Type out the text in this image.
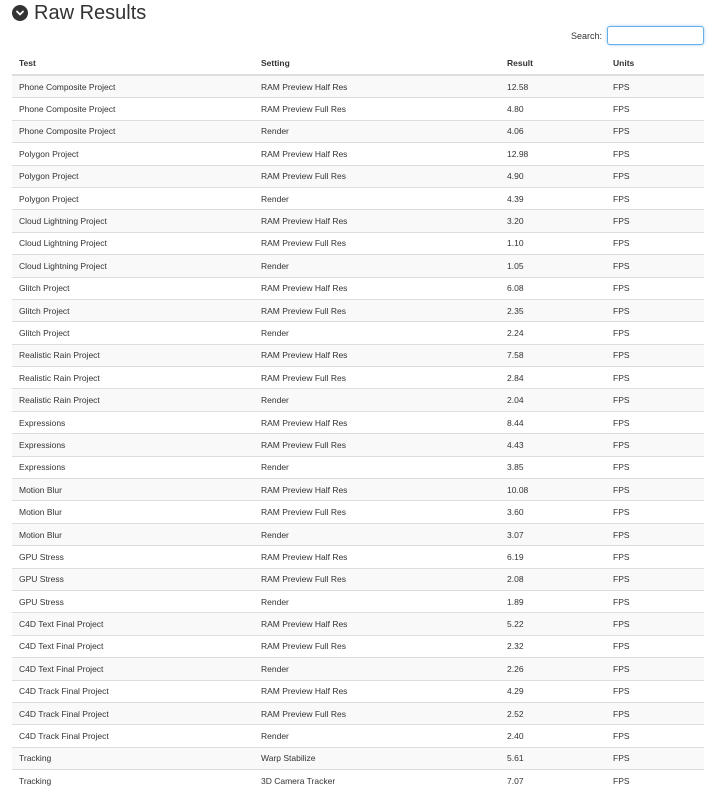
Raw Results
Search:
Test	Setting	Result	Units
Phone Composite Project	RAM Preview Half Res	12.58	FPS
Phone Composite Project	RAM Preview Full Res	4.80	FPS
Phone Composite Project	Render	4.06	FPS
Polygon Project	RAM Preview Half Res	12.98	FPS
Polygon Project	RAM Preview Full Res	4.90	FPS
Polygon Project	Render	4.39	FPS
Cloud Lightning Project	RAM Preview Half Res	3.20	FPS
Cloud Lightning Project	RAM Preview Full Res	1.10	FPS
Cloud Lightning Project	Render	1.05	FPS
Glitch Project	RAM Preview Half Res	6.08	FPS
Glitch Project	RAM Preview Full Res	2.35	FPS
Glitch Project	Render	2.24	FPS
Realistic Rain Project	RAM Preview Half Res	7.58	FPS
Realistic Rain Project	RAM Preview Full Res	2.84	FPS
Realistic Rain Project	Render	2.04	FPS
Expressions	RAM Preview Half Res	8.44	FPS
Expressions	RAM Preview Full Res	4.43	FPS
Expressions	Render	3.85	FPS
Motion Blur	RAM Preview Half Res	10.08	FPS
Motion Blur	RAM Preview Full Res	3.60	FPS
Motion Blur	Render	3.07	FPS
GPU Stress	RAM Preview Half Res	6.19	FPS
GPU Stress	RAM Preview Full Res	2.08	FPS
GPU Stress	Render	1.89	FPS
C4D Text Final Project	RAM Preview Half Res	5.22	FPS
C4D Text Final Project	RAM Preview Full Res	2.32	FPS
C4D Text Final Project	Render	2.26	FPS
C4D Track Final Project	RAM Preview Half Res	4.29	FPS
C4D Track Final Project	RAM Preview Full Res	2.52	FPS
C4D Track Final Project	Render	2.40	FPS
Tracking	Warp Stabilize	5.61	FPS
Tracking	3D Camera Tracker	7.07	FPS
